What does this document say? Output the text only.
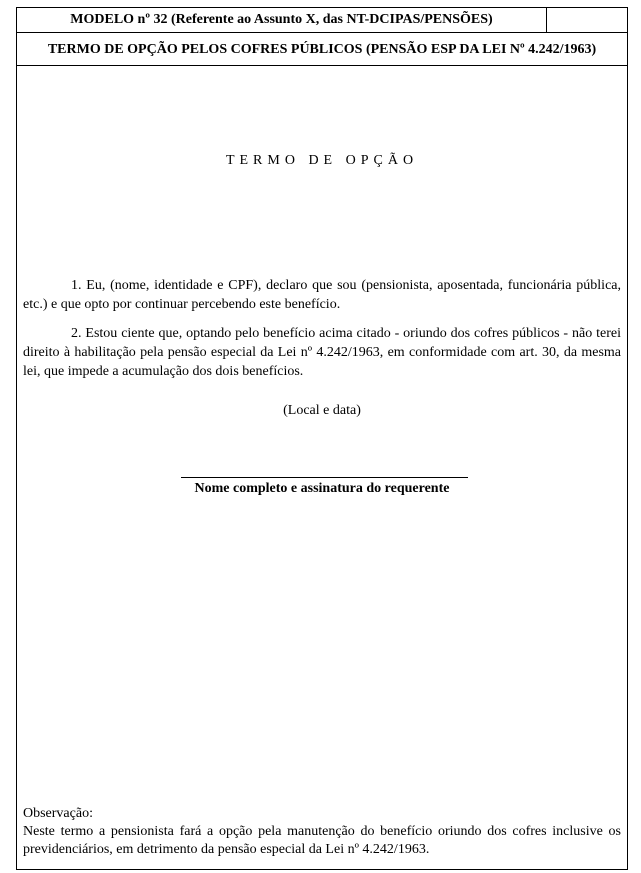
MODELO nº 32 (Referente ao Assunto X, das NT-DCIPAS/PENSÕES)
TERMO DE OPÇÃO PELOS COFRES PÚBLICOS (PENSÃO ESP DA LEI Nº 4.242/1963)
TERMO DE OPÇÃO
1. Eu, (nome, identidade e CPF), declaro que sou (pensionista, aposentada, funcionária pública, etc.) e que opto por continuar percebendo este benefício.
2. Estou ciente que, optando pelo benefício acima citado - oriundo dos cofres públicos - não terei direito à habilitação pela pensão especial da Lei nº 4.242/1963, em conformidade com art. 30, da mesma lei, que impede a acumulação dos dois benefícios.
(Local e data)
Nome completo e assinatura do requerente
Observação:
Neste termo a pensionista fará a opção pela manutenção do benefício oriundo dos cofres inclusive os previdenciários, em detrimento da pensão especial da Lei nº 4.242/1963.
